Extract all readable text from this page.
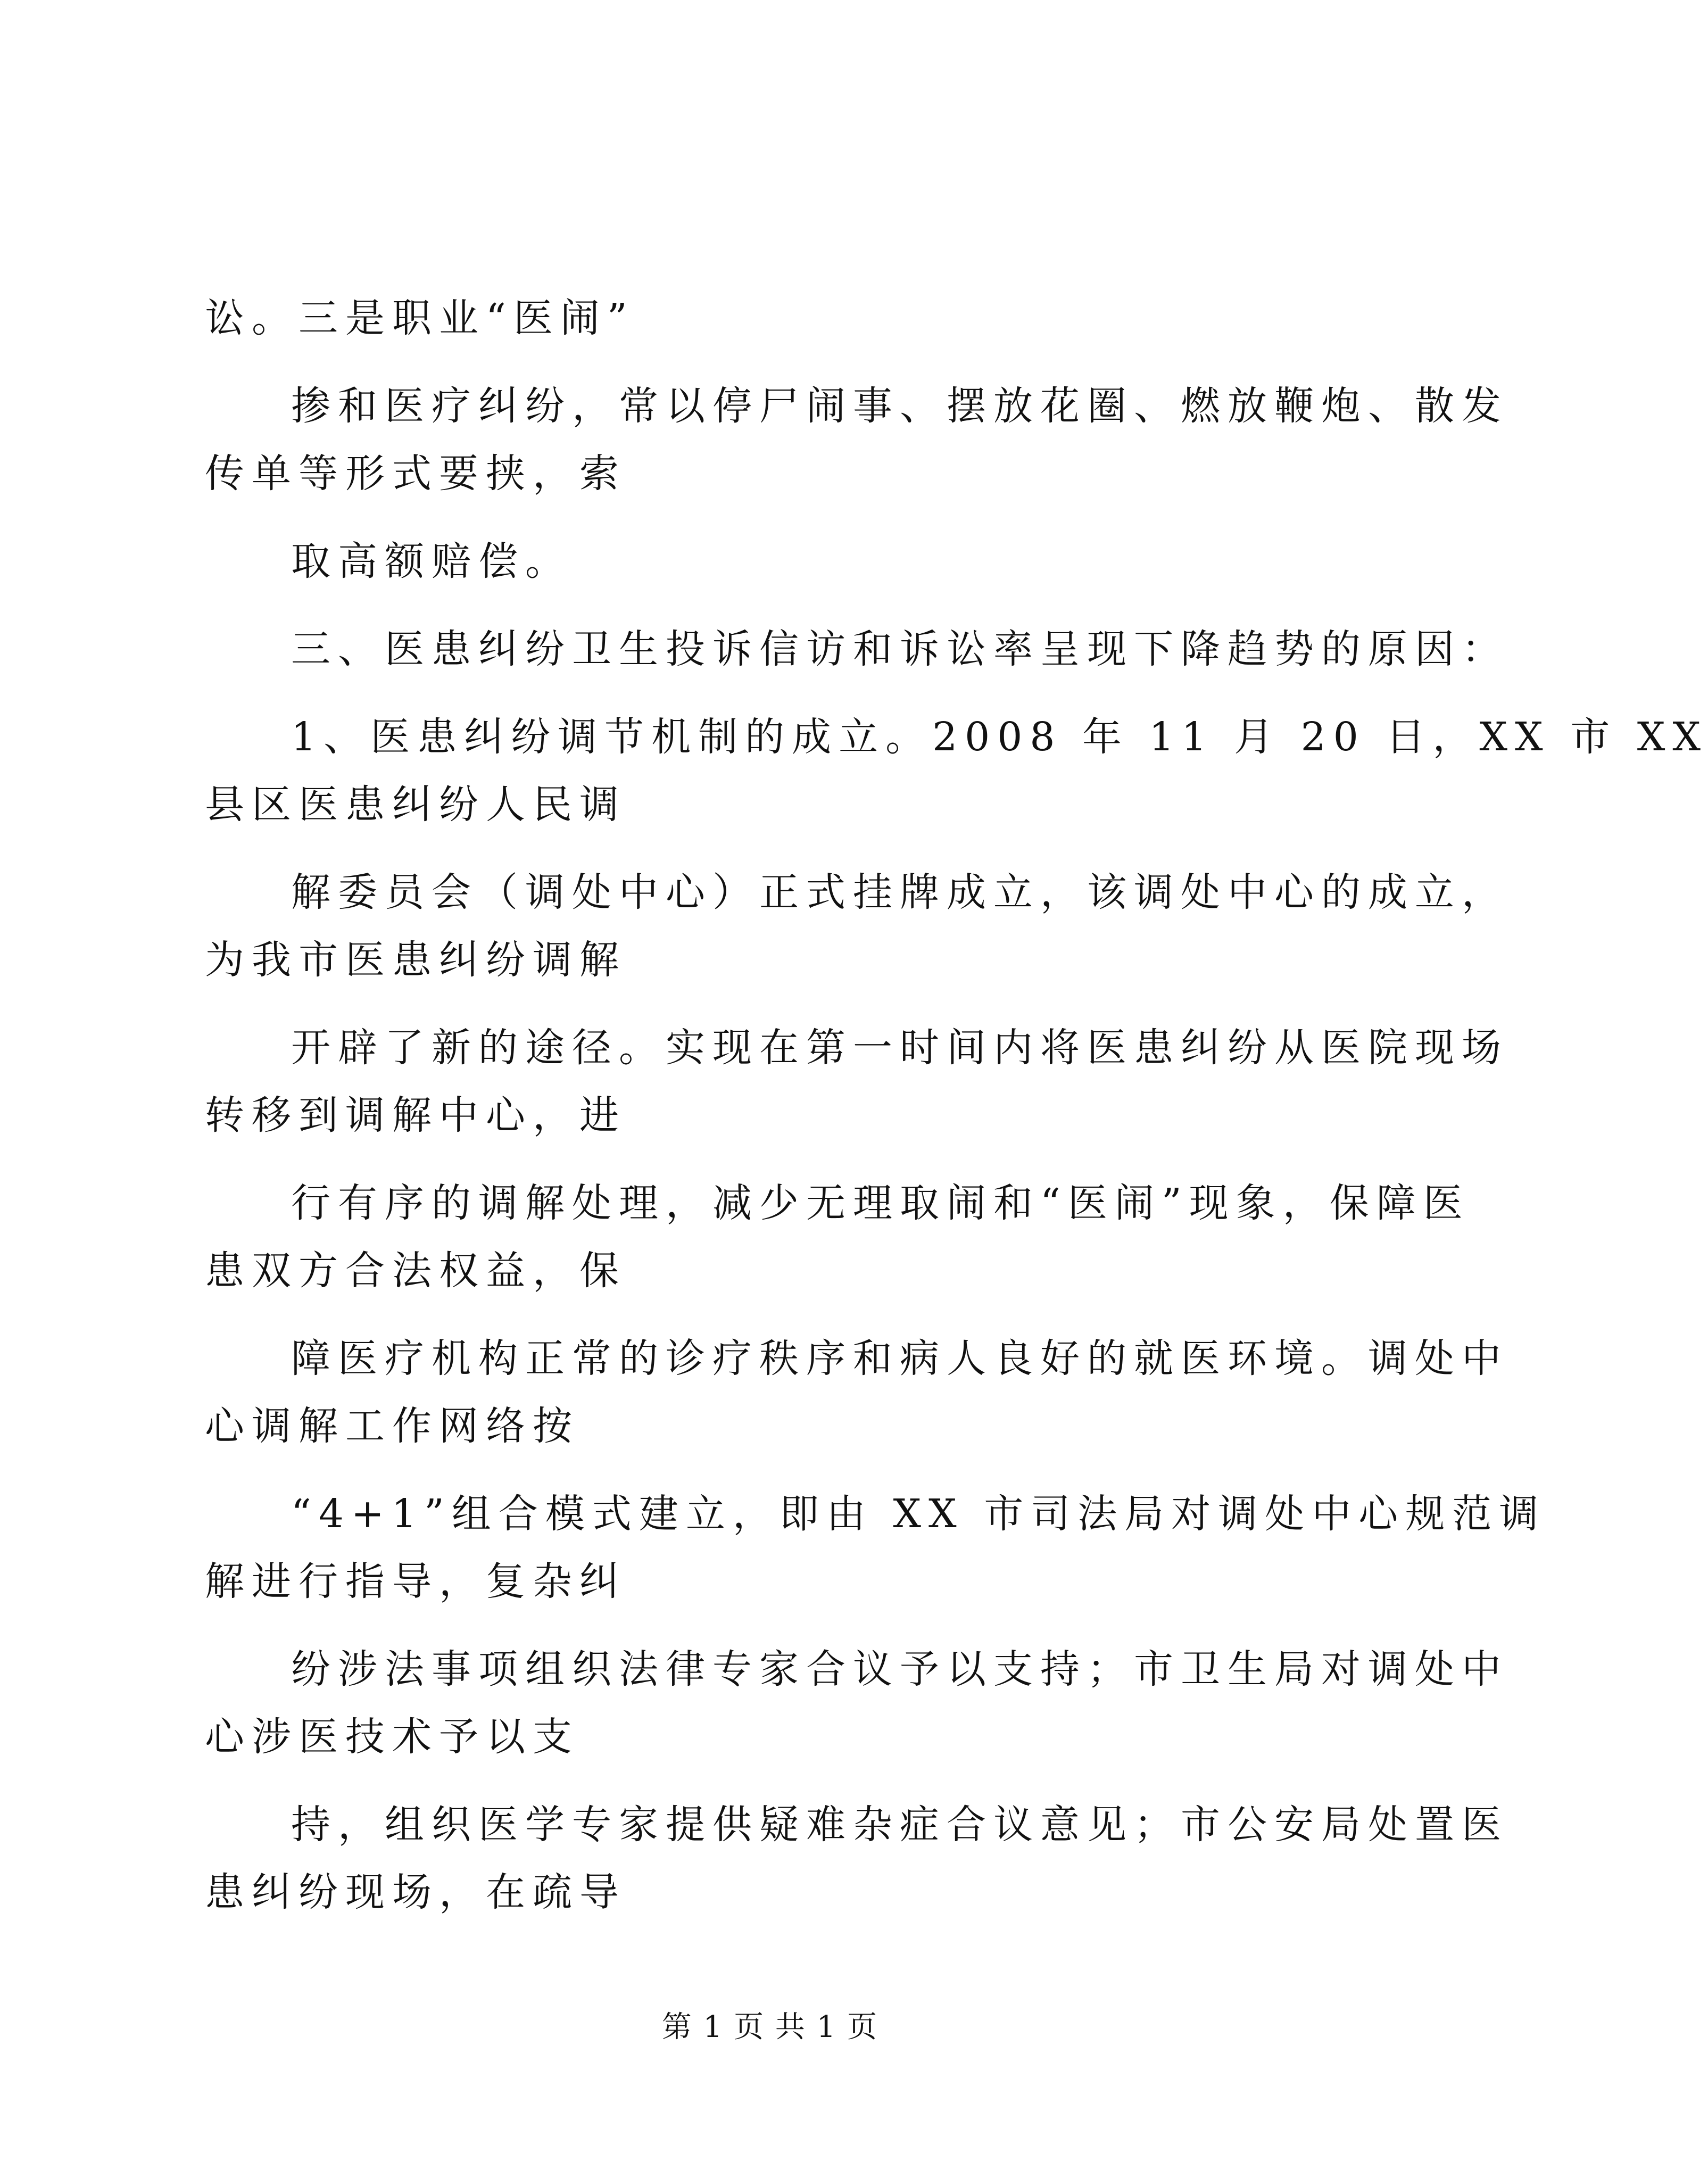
讼。三是职业“医闹”
掺和医疗纠纷，常以停尸闹事、摆放花圈、燃放鞭炮、散发
传单等形式要挟，索
取高额赔偿。
三、医患纠纷卫生投诉信访和诉讼率呈现下降趋势的原因：
1、医患纠纷调节机制的成立。2008 年 11 月 20 日，XX 市 XX
县区医患纠纷人民调
解委员会（调处中心）正式挂牌成立，该调处中心的成立，
为我市医患纠纷调解
开辟了新的途径。实现在第一时间内将医患纠纷从医院现场
转移到调解中心，进
行有序的调解处理，减少无理取闹和“医闹”现象，保障医
患双方合法权益，保
障医疗机构正常的诊疗秩序和病人良好的就医环境。调处中
心调解工作网络按
“4+1”组合模式建立，即由 XX 市司法局对调处中心规范调
解进行指导，复杂纠
纷涉法事项组织法律专家合议予以支持；市卫生局对调处中
心涉医技术予以支
持，组织医学专家提供疑难杂症合议意见；市公安局处置医
患纠纷现场，在疏导
第 1 页 共 1 页
